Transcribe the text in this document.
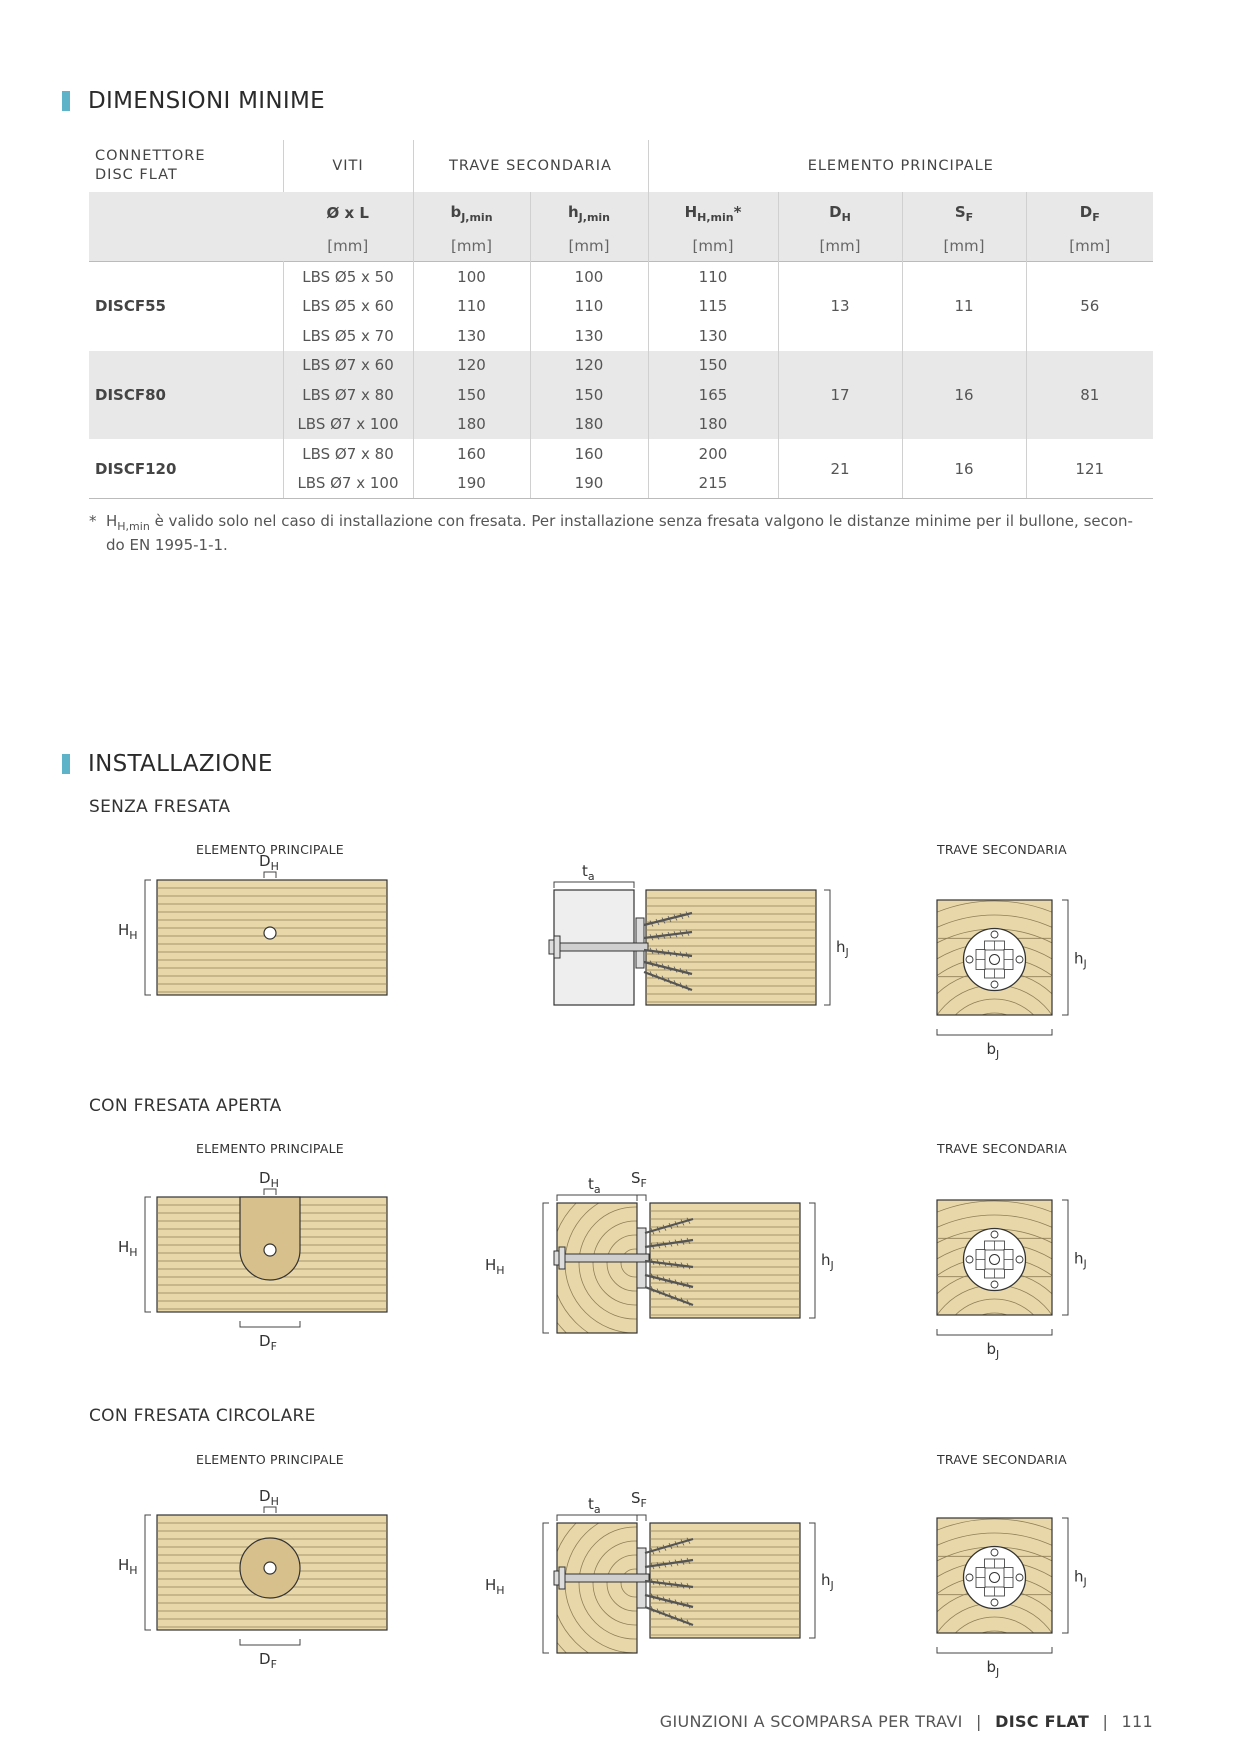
DIMENSIONI MINIME
CONNETTORE
DISC FLAT	VITI	TRAVE SECONDARIA		ELEMENTO PRINCIPALE			
	Ø x L	$b_{J,min}$	$h_{J,min}$	$H_{H,min}*$	$D_H$	$S_F$	$D_F$
	[mm]	[mm]	[mm]	[mm]	[mm]	[mm]	[mm]
DISCF55	LBS Ø5 x 50	100	100	110	13	11	56
	LBS Ø5 x 60	110	110	115			
	LBS Ø5 x 70	130	130	130			
DISCF80	LBS Ø7 x 60	120	120	150	17	16	81
	LBS Ø7 x 80	150	150	165			
	LBS Ø7 x 100	180	180	180			
DISCF120	LBS Ø7 x 80	160	160	200	21	16	121
	LBS Ø7 x 100	190	190	215			
* $H_{H,min}$ è valido solo nel caso di installazione con fresata. Per installazione senza fresata valgono le distanze minime per il bullone, secon-
do EN 1995-1-1.
INSTALLAZIONE
SENZA FRESATA
CON FRESATA APERTA
CON FRESATA CIRCOLARE
ELEMENTO PRINCIPALE	TRAVE SECONDARIA
ELEMENTO PRINCIPALE	TRAVE SECONDARIA
ELEMENTO PRINCIPALE	TRAVE SECONDARIA
$H_H$
$D_H$	$t_a$
$h_J$	$h_J$
$b_J$
$H_H$
$D_H$
$D_F$
$H_H$
$t_a$
$S_F$
$h_J$	$h_J$
$b_J$
$H_H$
$D_H$
$D_F$
$H_H$
$t_a$
$S_F$
$h_J$	$h_J$
$b_J$
GIUNZIONI A SCOMPARSA PER TRAVI | DISC FLAT | 111
